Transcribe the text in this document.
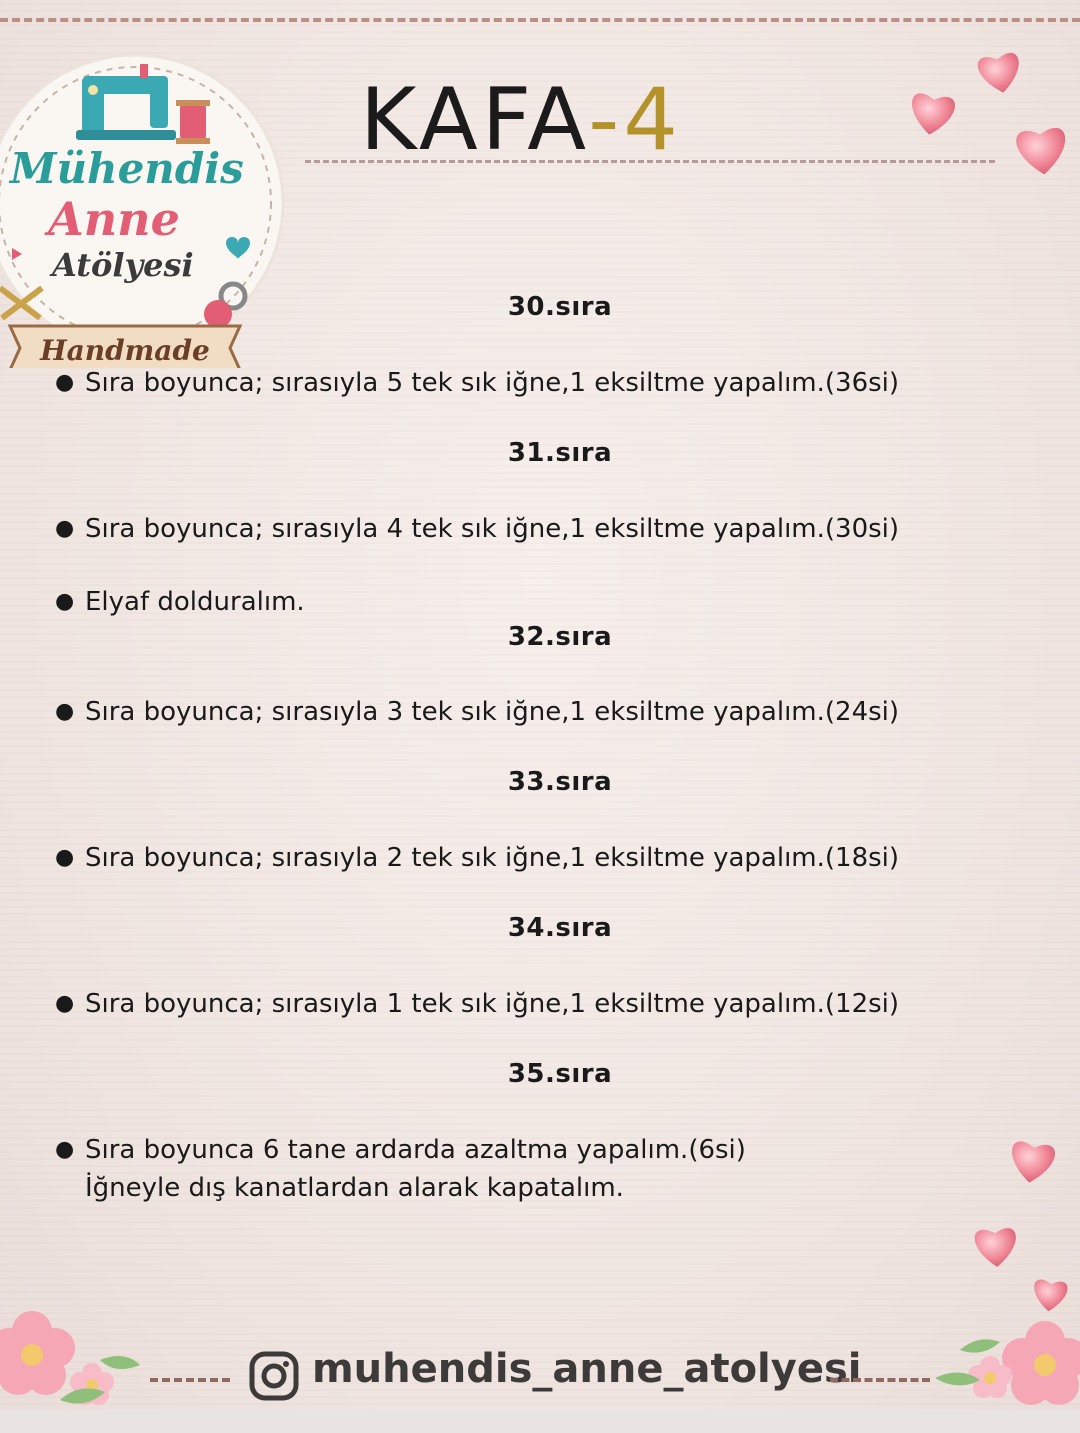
Mühendis
Anne
Atölyesi
Handmade
KAFA-4
30.sıra
● Sıra boyunca; sırasıyla 5 tek sık iğne,1 eksiltme yapalım.(36si)
31.sıra
● Sıra boyunca; sırasıyla 4 tek sık iğne,1 eksiltme yapalım.(30si)
● Elyaf dolduralım.
32.sıra
● Sıra boyunca; sırasıyla 3 tek sık iğne,1 eksiltme yapalım.(24si)
33.sıra
● Sıra boyunca; sırasıyla 2 tek sık iğne,1 eksiltme yapalım.(18si)
34.sıra
● Sıra boyunca; sırasıyla 1 tek sık iğne,1 eksiltme yapalım.(12si)
35.sıra
● Sıra boyunca 6 tane ardarda azaltma yapalım.(6si)
İğneyle dış kanatlardan alarak kapatalım.
muhendis_anne_atolyesi
